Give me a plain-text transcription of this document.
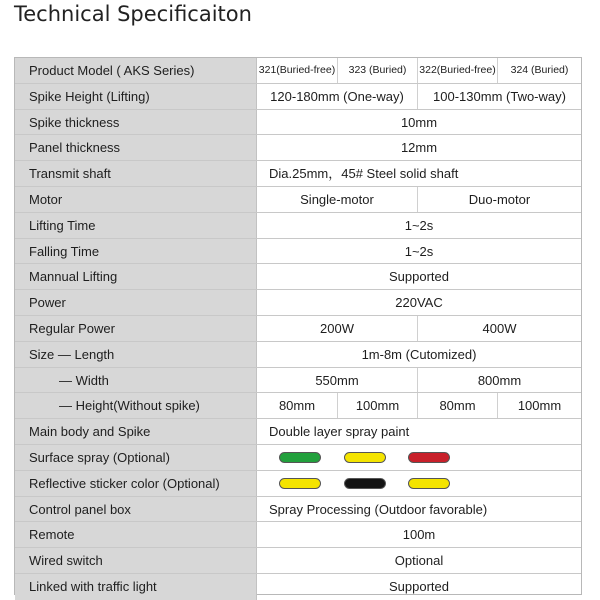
Technical Specificaiton
Product Model ( AKS Series)	321(Buried-free)	323 (Buried)	322(Buried-free)	324 (Buried)
Spike Height (Lifting)	120-180mm (One-way)	100-130mm (Two-way)
Spike thickness	10mm
Panel thickness	12mm
Transmit shaft	Dia.25mm，45# Steel solid shaft
Motor	Single-motor	Duo-motor
Lifting Time	1~2s
Falling Time	1~2s
Mannual Lifting	Supported
Power	220VAC
Regular Power	200W	400W
Size — Length	1m-8m (Cutomized)
— Width	550mm	800mm
— Height(Without spike)	80mm	100mm	80mm	100mm
Main body and Spike	Double layer spray paint
Surface spray (Optional)
Reflective sticker color (Optional)
Control panel box	Spray Processing (Outdoor favorable)
Remote	100m
Wired switch	Optional
Linked with traffic light	Supported
